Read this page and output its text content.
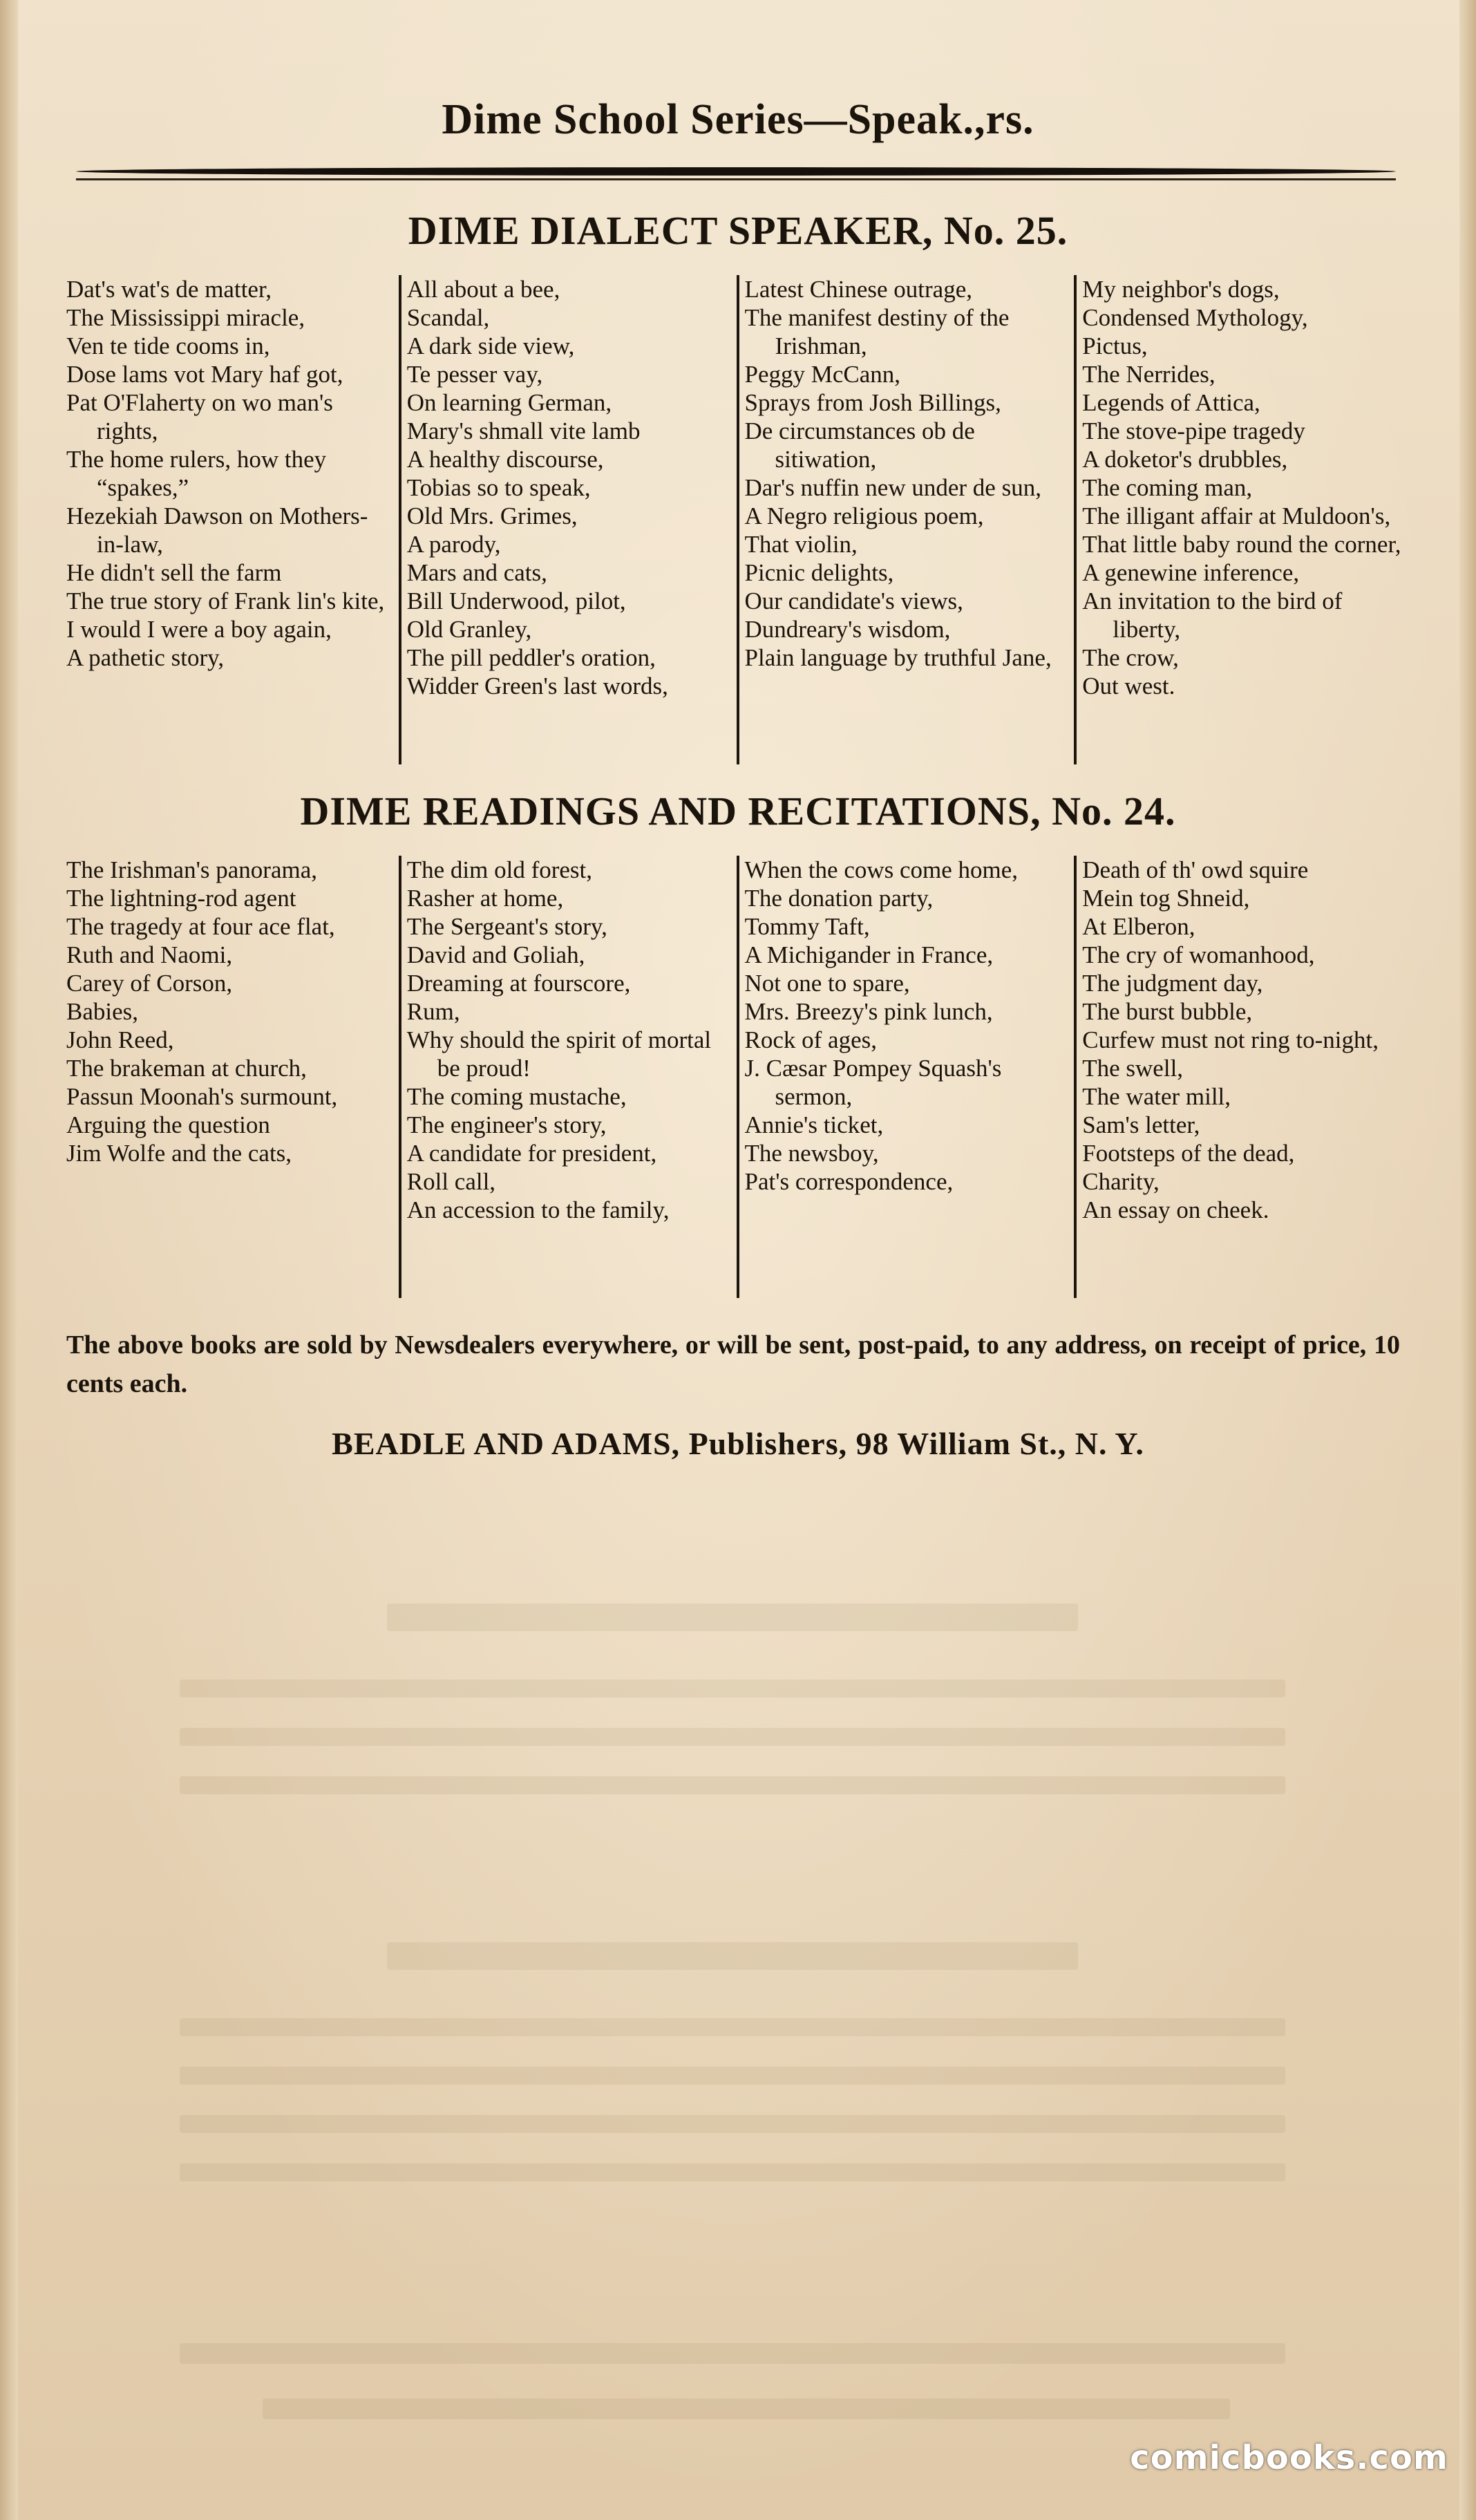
Dime School Series—Speak.,rs.
DIME DIALECT SPEAKER, No. 25.
Dat's wat's de matter,
The Mississippi miracle,
Ven te tide cooms in,
Dose lams vot Mary haf got,
Pat O'Flaherty on wo man's rights,
The home rulers, how they “spakes,”
Hezekiah Dawson on Mothers-in-law,
He didn't sell the farm
The true story of Frank lin's kite,
I would I were a boy again,
A pathetic story,
All about a bee,
Scandal,
A dark side view,
Te pesser vay,
On learning German,
Mary's shmall vite lamb
A healthy discourse,
Tobias so to speak,
Old Mrs. Grimes,
A parody,
Mars and cats,
Bill Underwood, pilot,
Old Granley,
The pill peddler's oration,
Widder Green's last words,
Latest Chinese outrage,
The manifest destiny of the Irishman,
Peggy McCann,
Sprays from Josh Billings,
De circumstances ob de sitiwation,
Dar's nuffin new under de sun,
A Negro religious poem,
That violin,
Picnic delights,
Our candidate's views,
Dundreary's wisdom,
Plain language by truthful Jane,
My neighbor's dogs,
Condensed Mythology,
Pictus,
The Nerrides,
Legends of Attica,
The stove-pipe tragedy
A doketor's drubbles,
The coming man,
The illigant affair at Muldoon's,
That little baby round the corner,
A genewine inference,
An invitation to the bird of liberty,
The crow,
Out west.
DIME READINGS AND RECITATIONS, No. 24.
The Irishman's panorama,
The lightning-rod agent
The tragedy at four ace flat,
Ruth and Naomi,
Carey of Corson,
Babies,
John Reed,
The brakeman at church,
Passun Moonah's surmount,
Arguing the question
Jim Wolfe and the cats,
The dim old forest,
Rasher at home,
The Sergeant's story,
David and Goliah,
Dreaming at fourscore,
Rum,
Why should the spirit of mortal be proud!
The coming mustache,
The engineer's story,
A candidate for president,
Roll call,
An accession to the family,
When the cows come home,
The donation party,
Tommy Taft,
A Michigander in France,
Not one to spare,
Mrs. Breezy's pink lunch,
Rock of ages,
J. Cæsar Pompey Squash's sermon,
Annie's ticket,
The newsboy,
Pat's correspondence,
Death of th' owd squire
Mein tog Shneid,
At Elberon,
The cry of womanhood,
The judgment day,
The burst bubble,
Curfew must not ring to-night,
The swell,
The water mill,
Sam's letter,
Footsteps of the dead,
Charity,
An essay on cheek.
The above books are sold by Newsdealers everywhere, or will be sent, post-paid, to any address, on receipt of price, 10 cents each.
BEADLE AND ADAMS, Publishers, 98 William St., N. Y.
comicbooks.com
